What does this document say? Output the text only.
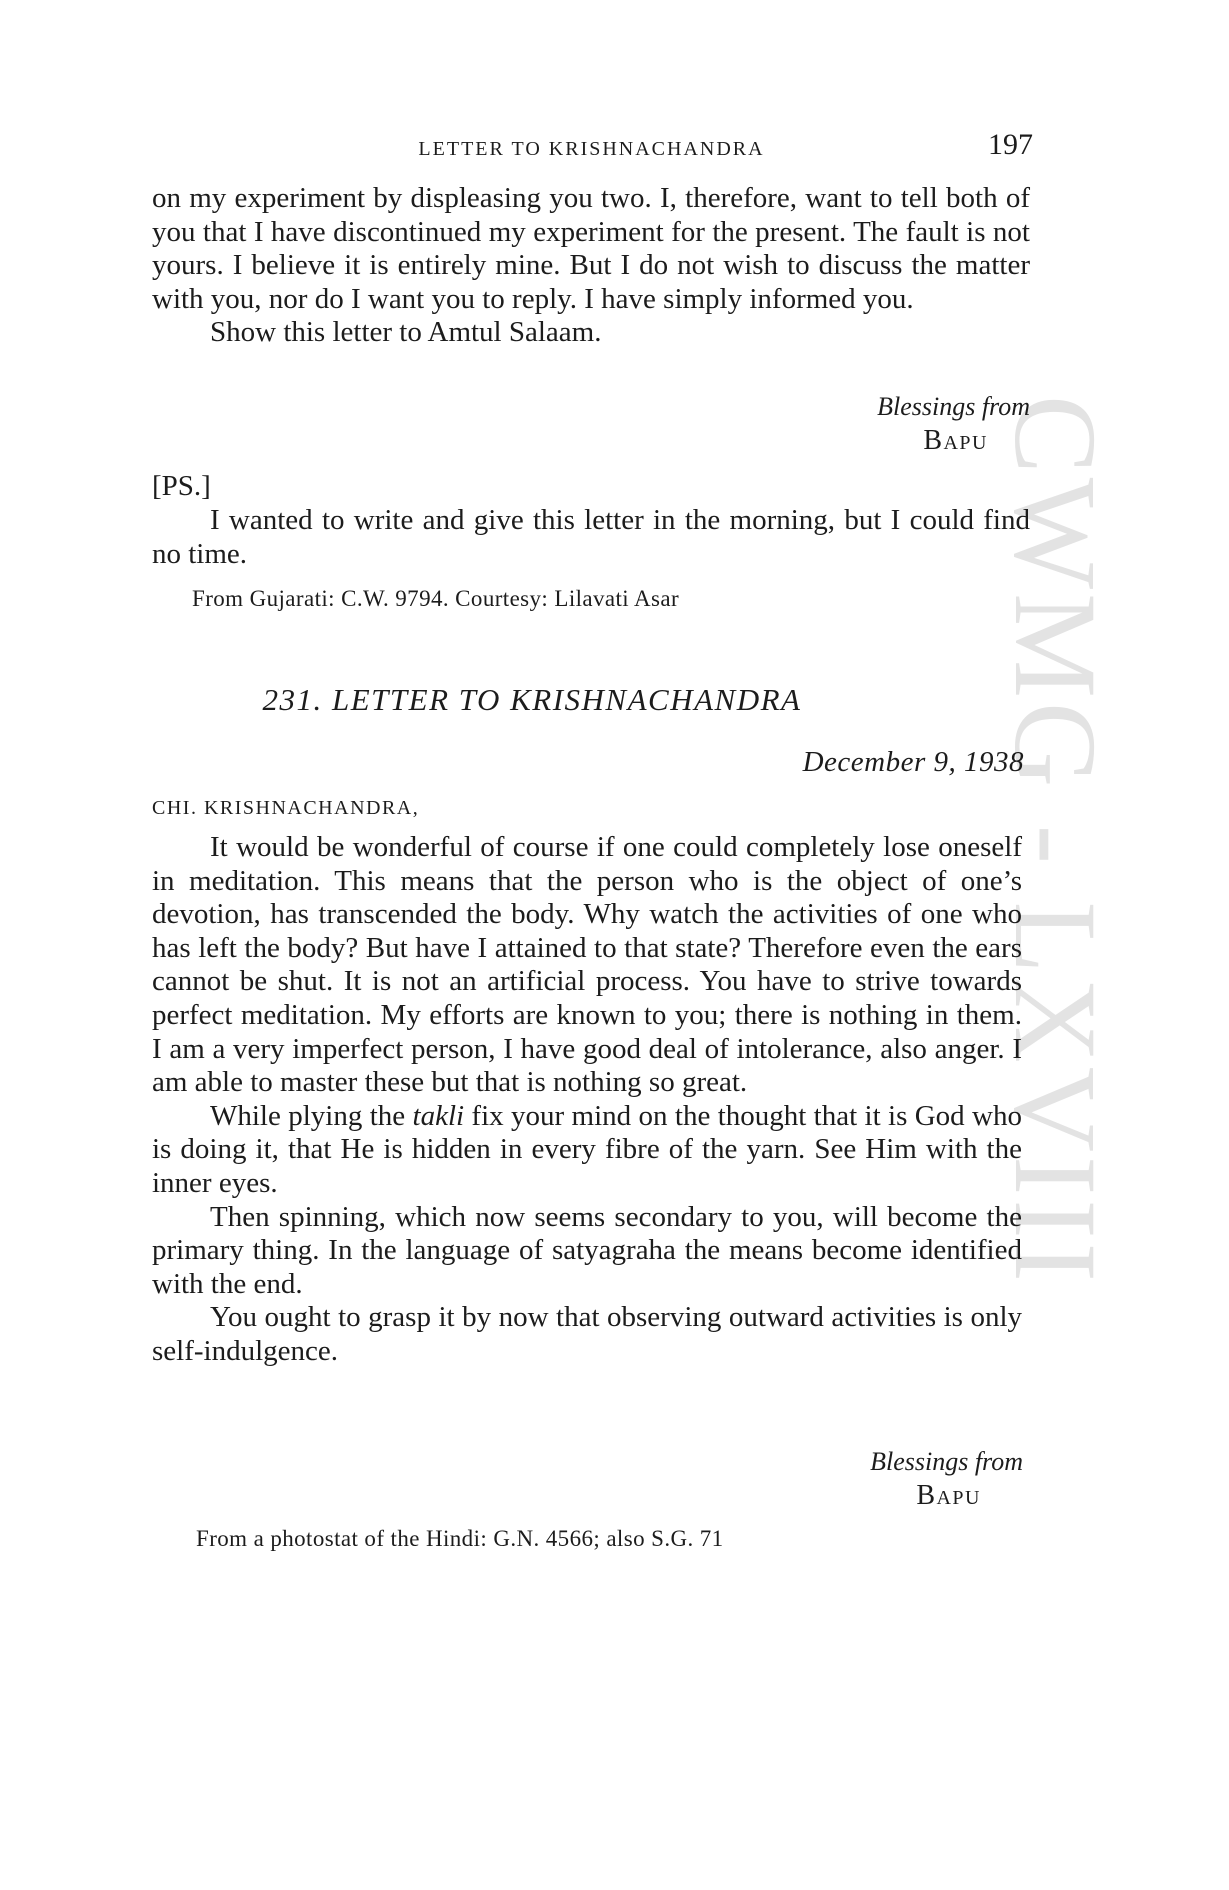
CWMG - LXVIII
LETTER TO KRISHNACHANDRA	197

on my experiment by displeasing you two. I, therefore, want to tell both of you that I have discontinued my experiment for the present. The fault is not yours. I believe it is entirely mine. But I do not wish to discuss the matter with you, nor do I want you to reply. I have simply informed you.

Show this letter to Amtul Salaam.

Blessings from
Bapu

[PS.]

I wanted to write and give this letter in the morning, but I could find no time.

From Gujarati: C.W. 9794. Courtesy: Lilavati Asar
231. LETTER TO KRISHNACHANDRA
December 9, 1938
CHI. KRISHNACHANDRA,

It would be wonderful of course if one could completely lose oneself in meditation. This means that the person who is the object of one’s devotion, has transcended the body. Why watch the activities of one who has left the body? But have I attained to that state? Therefore even the ears cannot be shut. It is not an artificial process. You have to strive towards perfect meditation. My efforts are known to you; there is nothing in them. I am a very imperfect person, I have good deal of intolerance, also anger. I am able to master these but that is nothing so great.

While plying the takli fix your mind on the thought that it is God who is doing it, that He is hidden in every fibre of the yarn. See Him with the inner eyes.

Then spinning, which now seems secondary to you, will become the primary thing. In the language of satyagraha the means become identified with the end.

You ought to grasp it by now that observing outward activities is only self-indulgence.

Blessings from
Bapu
From a photostat of the Hindi: G.N. 4566; also S.G. 71
